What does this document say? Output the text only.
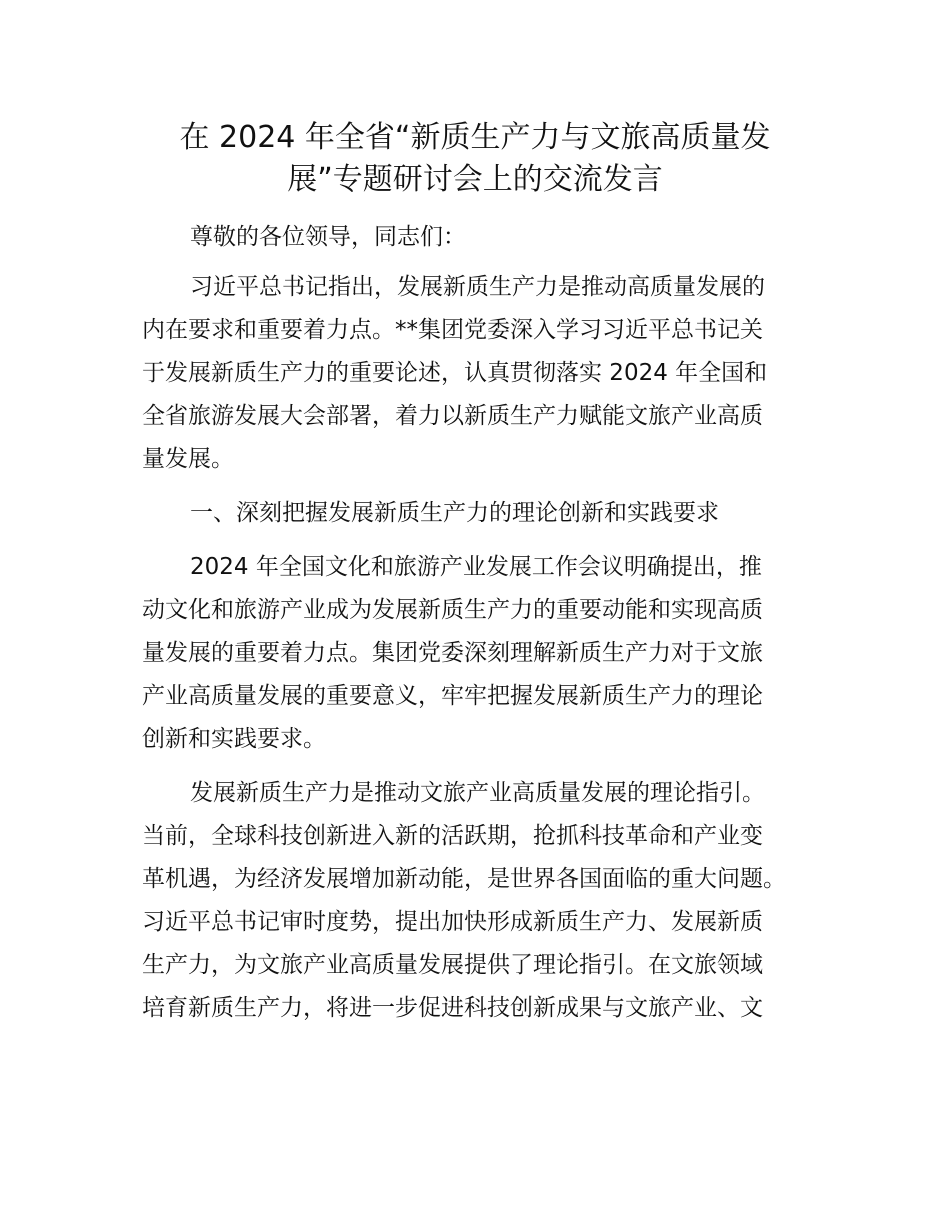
在 2024 年全省“新质生产力与文旅高质量发
展”专题研讨会上的交流发言

尊敬的各位领导，同志们：

习近平总书记指出，发展新质生产力是推动高质量发展的

内在要求和重要着力点。**集团党委深入学习习近平总书记关

于发展新质生产力的重要论述，认真贯彻落实 2024 年全国和

全省旅游发展大会部署，着力以新质生产力赋能文旅产业高质

量发展。

一、深刻把握发展新质生产力的理论创新和实践要求

2024 年全国文化和旅游产业发展工作会议明确提出，推

动文化和旅游产业成为发展新质生产力的重要动能和实现高质

量发展的重要着力点。集团党委深刻理解新质生产力对于文旅

产业高质量发展的重要意义，牢牢把握发展新质生产力的理论

创新和实践要求。

发展新质生产力是推动文旅产业高质量发展的理论指引。

当前，全球科技创新进入新的活跃期，抢抓科技革命和产业变

革机遇，为经济发展增加新动能，是世界各国面临的重大问题。

习近平总书记审时度势，提出加快形成新质生产力、发展新质

生产力，为文旅产业高质量发展提供了理论指引。在文旅领域

培育新质生产力，将进一步促进科技创新成果与文旅产业、文
